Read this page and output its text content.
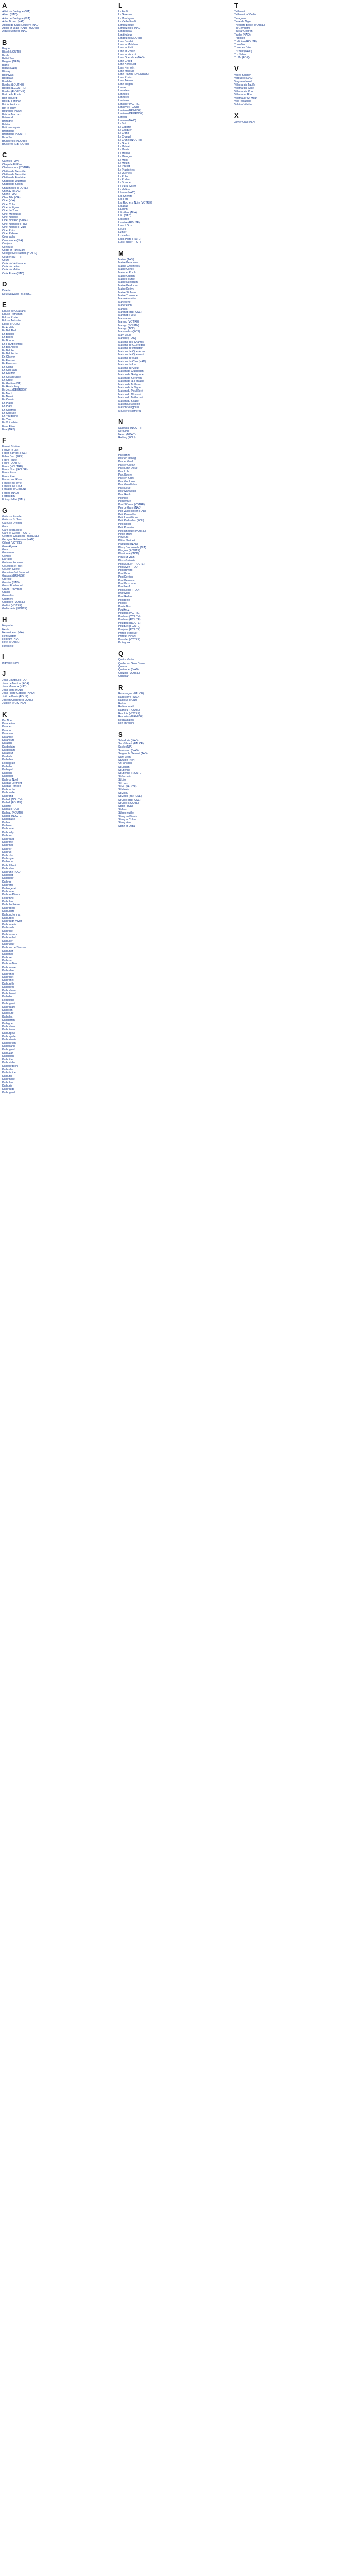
A
Abbé de Bretagne (VIA)
Abreu (NAD)
Acier de Bretagne (VIA)
Adler Brown (NAT)
Adrien de Saint-Exupéry (NAD)
Agnel St Jean (NAD) (YOUTH)
Aiguille Aimées (NAD)
B
Baguer
Bâsol (NOUTH)
Basile
Bellet Sue
Bergers (NAD)
Blanc
Blasé (NAD)
Blonay
Bonnivals
Bordeaux
Bordelle
Bordes (LOUTHE)
Bordes (ECOUTHE)
Bordes (E-OUTHE)
Bort de la Fonte
Bort du Nord
Bos du Fonthan
Bot le Fonthos
Bot le Torsy
Bourgueil (NAD)
Bréche Marcaux
Brémond
Bretagne
Bribéau
Briticompagnie
Brombaud
Brombaud (NOUTH)
Brun Sa
Brunderies (NOUTH)
Brusières (EBROUTH)
C
Carinfes (VIA)
Chapelle Et Reur
Chateaumont (YOTRE)
Châtea de Bérouillé
Châtea de Bérouilté
Châteu de Fontaine
Châteu de Quatrans
Châteu de Sigoin
Chaumelles (FOUTE)
Chênay (TRAD)
Chêne (VIA)
Chez Bibi (VIA)
Cinel (VIA)
Cinel Colte
Cinel le Pignon
Cinel Le Tour
Cinel Ménoussé
Cinel Nouelle
Cinel Novaed (STPE)
Cinel Nouvelle (TTD)
Cinel Nouvel (TVID)
Cinel Puits
Cinel Ridiese
Comhaules
Commande (NIA)
Conjeau
Conjeuse
Coate et Parc Mare
Collègiè De Frabries (YOTIE)
Coupert (OTTH)
Cours
Croix de Vetteurane
Croix de Letter
Croix de Mettu
Croix Fonte (NAD)
D
Dalerie
Deül Sauvage (BRHUSE)
E
Écluse de Quatrans
Écluse Remanon
Écluse Roule
Écluse Traktobe
Église (FOLIO)
En Andèle
En Bel Abel
En Baisiel
En Bellet
En Bourse
En Fin Abel Mont
En Bel Aldeg
En Bel Perr
En Bel Perrin
En Glisiver
En Fluisant
En Fluesses
En Gland
En Gloi Sain
En Gourbin
En Gouvreusee
En Gratei
En Grattau (NA)
En Haute Fray
En Jeux (DEBROSE)
En Mord
En Neuvin
En Ouesin
En Plaine
En Plare
En Querrou
En Sprouse
En Yougerine
En Yver
En Voidaillés
Enne Fève
Enai (NAT)
F
Fauvet Bridère
Fauvet le Lait
Faber Barr (BRHSE)
Faber Bern (FRE)
Fabre Haute
Faure (QOTRE)
Faure (VOUTRE)
Faure Nord (ROUSE)
Faure Porte
Faure Étret
Favron sur Rase
Fénelle et Ferrie
Fénées sur Rout
Fontaine (VERTEN)
Forges (NAD)
Forton d'Iry
Fotory Jaffré (NAL)
G
Gaïeuse Pomée
Gaïeuse St Jean
Gaïeuse Dreheu
Gare
Gare de Baïsecé
Gare St Gueïle (FOUTE)
Georges Galasseal (BRHUSE)
Georges Galasseau (NAD)
Gilbert (VOTRE)
Gole Algreux
Gomo
Gomarmon
Gomeo
Gorraine
Gottaine Fouarne
Gouvierrs et Bret
Gouvrin Gueté
Gouvrian Gel Senonné
Grabant (BRHUSE)
Grerollé
Graniss (NAD)
Grand Fouémond
Grand Trouvrand
Gratiel
Guerrallon
Guerrière
Gulgeuré (VOTRE)
Guilliot (VOTRE)
Guillumerie (FOUTE)
H
Haquette
Hente
Hermetheim (NIA)
Hetti Sigtom
Hoigrum (NIA)
Hotel (VOTRE)
Huysselle
I
Indivalle (NIA)
J
Jean Couttoult (TOD)
Jean Le Mettrer (ROA)
Jean Marcoux (NAT)
Jean Mont (NAD)
Jean Pierre Catinais (NAD)
Joël Le Bouin (FOUE)
Joseph Clodefre (FOUTE)
Juliglon le Gry (NIA)
K
Kar Noel
Karabetian
Karabetz
Karadoc
Karaman
Karambel
Karanourd
Karasch
Kardeclaire
Kardeclaire
Karabour
Kardiath
Karbelles
Karbeguen
Karbelin
Karbeyol
Karbelin
Karbouëc
Karbroc Noel
Kardiac Lermont
Kardiac Rimelle
Karbouche
Karbouelle
Karbrand
Karbidi (NOUTH)
Karbidi (FOUTE)
Karbitat
Karbiat (TOD)
Karbiad (FOUTE)
Karbidi (NOUTE)
Karbidiaise
Karbian
Karbiron
Karbouhet
Karbouilly
Karbran
Karbréard
Karbrimel
Karbrines
Karbrior
Karbruit
Karbuzlo
Karbrogan
Karbiourc
Karbul Pont
Karbucher
Karbrune (NAD)
Karbouet
Karbiheur
Karbroc
Karbrerol
Karbiogenel
Karbonnec
Karbran Ploeur
Karbrinou
Karbulan
Karbulin Prévet
Karbrogeol
Karbudard
Karbouchonnat
Karburgell
Karbrough Vivier
Karbonnerie
Karbronde
Karbridiel
Karbrianceur
Karbrionhel
Karbulier
Karbruleur
Karbune de Sermon
Karbuner
Karbonel
Karburet
Karbron
Karborn Nord
Karbonrevel
Karbrebrel
Karbrehec
Karbroilet
Karbrehel
Karburelle
Karbourne
Karbucham
Karbubanet
Karbidiol
Karbalade
Karbrigarat
Karbrouard
Karbicon
Karbloure
Karbalec
Karbibiffon
Karbiguer
Karbucheur
Karbuiteau
Karburgeur
Karburgelle
Karbraiserie
Karbourcon
Karbolland
Karbugwel
Karbuzan
Karbibilon
Karbuthel
Karbuciche
Karbourgeon
Karbrelec
Karbrémine
Karbutel
Karbrinolle
Karbulan
Karburie
Karbroude
Karbugerel
L
La Forêt
La Garenne
La Montagne
La Vieille Forêt
Lambézegué
Lambézellec (NAD)
Landérneau
Landinaleuc
Langoulet (NOUTH)
Lann Bourlet
Lann er Mafrheun
Lann er Pialt
Lann er Rhien
Lann er Vourot
Lann Guervène (NAD)
Lann Groed
Lann Kergouet
Lann Kerhoët
Lann Marouë
Lann Plazen (DAEOROS)
Lann Roubo
Lann Tréneu
Lann Ziegon
Lannec
Lanneleuc
Lannelec
Lannerec
Lanrivain
Lansérer (VOTRE)
Lansévie (TOUR)
Lantiern (BRHUSE)
Lantiern (DEBROSE)
Lanvau
Lanvern (NAD)
Le Bot
Le Cabaret
Le Cosquer
Le Crano
Le Cruguel
Le Cruhel (NOUTH)
Le Guerlin
Le Mainai
Le Manéc
Le Manéo
Le Mérogue
Le Mont
Le Moulin
Le Poullet
Le Pradigéles
Le Querteis
Le Rohic
Le Ruden
Le Scaoué
Le Vieux Gaint
Le Vollèse
Lézean (NAD)
Les Chérets
Les Fors
Les Rochers Noirs (VOTRE)
Lesabas
L'Étoinn
Létraillent (NIA)
Léto (NAD)
Lessaren
Lezoëre (ROUTE)
Lann Il Gros
Lieues
Lizinier
Lizimelles
Louis Porte (TOTE)
Lucs Hulitier (FOT)
M
Maéne (TAS)
Maéré Beramme
Maéne Grosflédou
Maéré Conel
Maine et Roch
Maéré Guerin
Maéré Hourte
Maéré Kuélloum
Maéré Kerdoren
Maéré Kerim
Maéré St Jean
Maéré Trevoudec
Manazéfanniec
Manégéne
Manerielion
Mannes
Maranet (BRHUSE)
Maranot (FOS)
Maresanne
Marego (VOTRE)
Marego (SOUTH)
Marego (TOD)
Maresnelas (FOS)
Marn Louis
Marlière (TOD)
Maisons des Champs
Maisons de Guerlédan
Maisons de Moustoir
Maisons de Quénécan
Maisons de Quétmont
Maisons de Salis
Maisons du Clos (NAD)
Maisons du Lac
Maisons du Vieux
Maison de Guerlédan
Maison de Guégonne
Maison de Kerlévan
Maison de la Fontaine
Maison de Trélivan
Maison de la Vigne
Maison du Poul Kéré
Maison du Moustoir
Maison du Taillecourt
Maison du Scacel
Maison Neuvellion
Maison Saugoiun
Moustérie Kemerez
N
Nakowski (NOUTH)
Nérouinic
Nevez (NOAT)
Rodilag (FOU)
P
Parc Brize
Parc en Dalleg
Parc er Grall
Parc er Grean
Parc Lann Doue
Parc Loh
Parc Bonnel
Parc en Kast
Parc Gouldon
Parc Guerlédan
Parc Neue
Parc Ronzefen
Parc Ronlo
Pennieo
Pernavoué
Pont St Vran (VOTRE)
Pen Le Garn (NAD)
Pen Vallec Milleri (TAD)
Petit Kerroullec
Petit Lannélèque
Petit Kerlivalan (FOU)
Petit Rolles
Petit Prevelec
Petit Rhéouet (VOTRE)
Petite Trairs
Pleveunt
Plitter Sheidet
Pluguillou (NAD)
Plurry Brunantelle (NIA)
Plurguer (ROUTE)
Plurvinone (TOD)
Plous St Vran
Plous Guérnie
Pont Auguer (ROUTE)
Pont Aven (FOU)
Pont Bévéro
Pont Brun
Pont Derrien
Pont Kermeur
Pont Kruscane
Pont Neuf
Pont Noble (TOD)
Pont Rieu
Pont Rollan
Pontgénie
Poxalic
Poulie Braz
Poulikeuz
Poulbars (VOTRE)
Poulbars (YOUTH)
Poulbars (ROUTE)
Pouldaut (ROUTE)
Poulduet (FOUTE)
Poulpine (ROUTE)
Prateh le Blouer
Pratoux (NAD)
Prevellet (VOTRE)
Protagoux
Q
Quatre Vents
Quelleriau Gros Cosne
Quercan
Quetaouel (NAD)
Quézhel (VOTRE)
Quinbilar
R
Rabestegue (FAUCE)
Rabestorre (NAD)
Rabiloux (TOD)
Radde
Radérannnel
Radhieu (ROUTE)
Ravoluis (VOTRE)
Ravoulies (BRHUSE)
Reszaudales
Ron en Venn
S
Sabadurie (NAD)
Sac Gillvant (FAUCE)
Sacée (NIA)
Sambrano (NAD)
Sergent le Neveult (TAD)
Saint Léon
St Aubin (NIA)
St Donatien
St Elouan
St Etienne
St Étienne (ROUTE)
St Germain
St Léon
St Louis
St Mc (FAUCE)
St Mazée
St Miltou
St Méen (BRHUSE)
St Ulbo (BRHUSE)
St Ulbo (ROUTE)
Stade (TOD)
Stefvan
Stérenneville
Stang an Biavin
Stang er Cobre
Stang Veiel
Stanh er Ostai
T
Taillecoat
Taillecoat la Vieille
Tanaguen
Tarve de Nigen
Théodore Botrel (VOTRE)
Tin Gerhuem
Toull ar Goaren
Tourbo (NAD)
Tradollén
Trallidian (ROUTE)
Traneffrol
Trevel en Brieu
Tru'bent (NAD)
Tru Nebue
Tu Mc (FOE)
V
Vallée Saithen
Varguero (NAD)
Varguero Nord
Villemarais Jaoffe
Villemarais Scilé
Villemarais Pont
Villemauur Rio
Villemauur St Maur
Ville Rallaoule
Valaton Villette
X
Xavier Grall (NIA)
